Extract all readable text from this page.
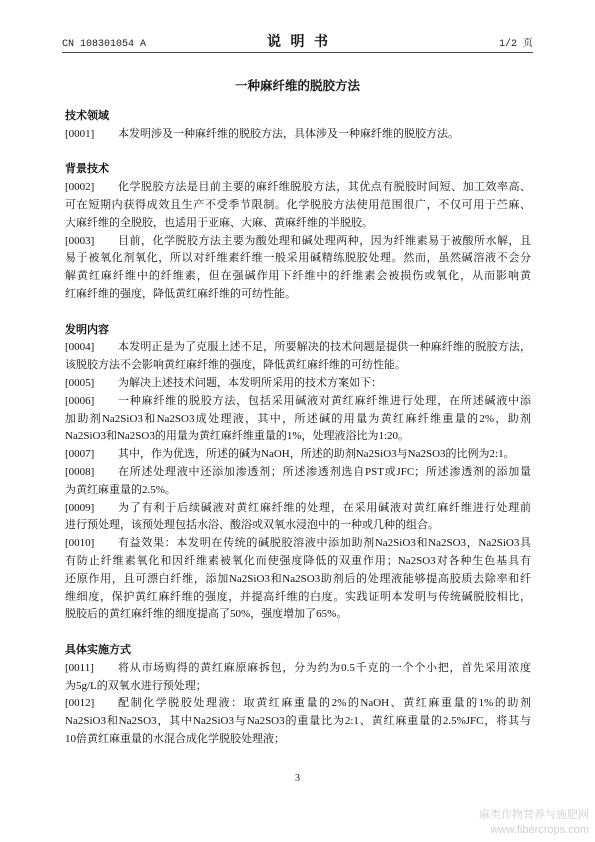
CN 108301054 A	说 明 书	1/2 页
一种麻纤维的脱胶方法
技术领域
[0001]	本发明涉及一种麻纤维的脱胶方法，具体涉及一种麻纤维的脱胶方法。
背景技术
[0002]	化学脱胶方法是目前主要的麻纤维脱胶方法，其优点有脱胶时间短、加工效率高、
可在短期内获得成效且生产不受季节限制。化学脱胶方法使用范围很广，不仅可用于苎麻、
大麻纤维的全脱胶，也适用于亚麻、大麻、黄麻纤维的半脱胶。
[0003]	目前，化学脱胶方法主要为酸处理和碱处理两种，因为纤维素易于被酸所水解，且
易于被氧化剂氧化，所以对纤维素纤维一般采用碱精练脱胶处理。然而，虽然碱溶液不会分
解黄红麻纤维中的纤维素，但在强碱作用下纤维中的纤维素会被损伤或氧化，从而影响黄
红麻纤维的强度，降低黄红麻纤维的可纺性能。
发明内容
[0004]	本发明正是为了克服上述不足，所要解决的技术问题是提供一种麻纤维的脱胶方法，
该脱胶方法不会影响黄红麻纤维的强度，降低黄红麻纤维的可纺性能。
[0005]	为解决上述技术问题，本发明所采用的技术方案如下：
[0006]	一种麻纤维的脱胶方法，包括采用碱液对黄红麻纤维进行处理，在所述碱液中添
加助剂Na2SiO3和Na2SO3成处理液，其中，所述碱的用量为黄红麻纤维重量的2%，助剂
Na2SiO3和Na2SO3的用量为黄红麻纤维重量的1%，处理液浴比为1:20。
[0007]	其中，作为优选，所述的碱为NaOH，所述的助剂Na2SiO3与Na2SO3的比例为2:1。
[0008]	在所述处理液中还添加渗透剂；所述渗透剂选自PST或JFC；所述渗透剂的添加量
为黄红麻重量的2.5%。
[0009]	为了有利于后续碱液对黄红麻纤维的处理，在采用碱液对黄红麻纤维进行处理前
进行预处理，该预处理包括水浴、酸浴或双氧水浸泡中的一种或几种的组合。
[0010]	有益效果：本发明在传统的碱脱胶溶液中添加助剂Na2SiO3和Na2SO3，Na2SiO3具
有防止纤维素氧化和因纤维素被氧化而使强度降低的双重作用；Na2SO3对各种生色基具有
还原作用，且可漂白纤维，添加Na2SiO3和Na2SO3助剂后的处理液能够提高胶质去除率和纤
维细度，保护黄红麻纤维的强度，并提高纤维的白度。实践证明本发明与传统碱脱胶相比，
脱胶后的黄红麻纤维的细度提高了50%，强度增加了65%。
具体实施方式
[0011]	将从市场购得的黄红麻原麻拆包，分为约为0.5千克的一个个小把，首先采用浓度
为5g/L的双氧水进行预处理；
[0012]	配制化学脱胶处理液：取黄红麻重量的2%的NaOH、黄红麻重量的1%的助剂
Na2SiO3和Na2SO3，其中Na2SiO3与Na2SO3的重量比为2:1、黄红麻重量的2.5%JFC，将其与
10倍黄红麻重量的水混合成化学脱胶处理液；
3
麻类作物营养与施肥网
www.fibercrops.com
